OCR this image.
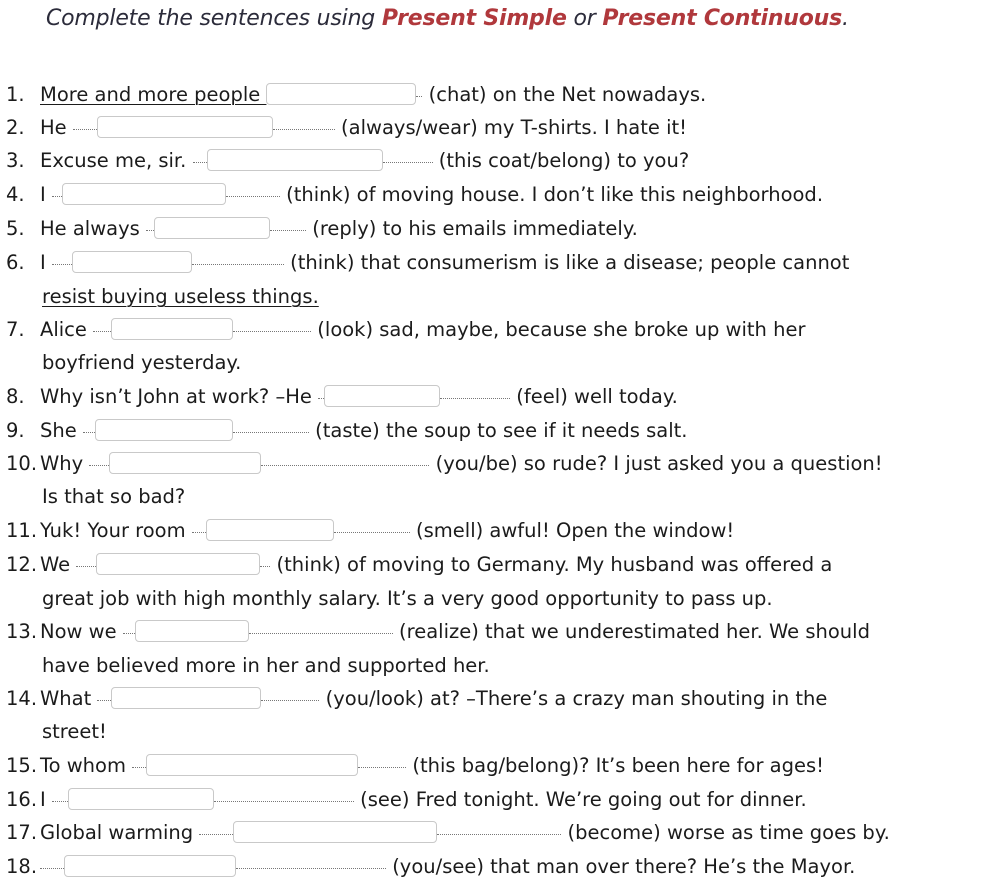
Complete the sentences using Present Simple or Present Continuous.
1. More and more people	(chat) on the Net nowadays.
2. He	(always/wear) my T-shirts. I hate it!
3. Excuse me, sir.	(this coat/belong) to you?
4. I	(think) of moving house. I don’t like this neighborhood.
5. He always	(reply) to his emails immediately.
6. I	(think) that consumerism is like a disease; people cannot
resist buying useless things.
7. Alice	(look) sad, maybe, because she broke up with her
boyfriend yesterday.
8. Why isn’t John at work? –He	(feel) well today.
9. She	(taste) the soup to see if it needs salt.
10. Why	(you/be) so rude? I just asked you a question!
Is that so bad?
11. Yuk! Your room	(smell) awful! Open the window!
12. We	(think) of moving to Germany. My husband was offered a
great job with high monthly salary. It’s a very good opportunity to pass up.
13. Now we	(realize) that we underestimated her. We should
have believed more in her and supported her.
14. What	(you/look) at? –There’s a crazy man shouting in the
street!
15. To whom	(this bag/belong)? It’s been here for ages!
16. I	(see) Fred tonight. We’re going out for dinner.
17. Global warming	(become) worse as time goes by.
18.	(you/see) that man over there? He’s the Mayor.
